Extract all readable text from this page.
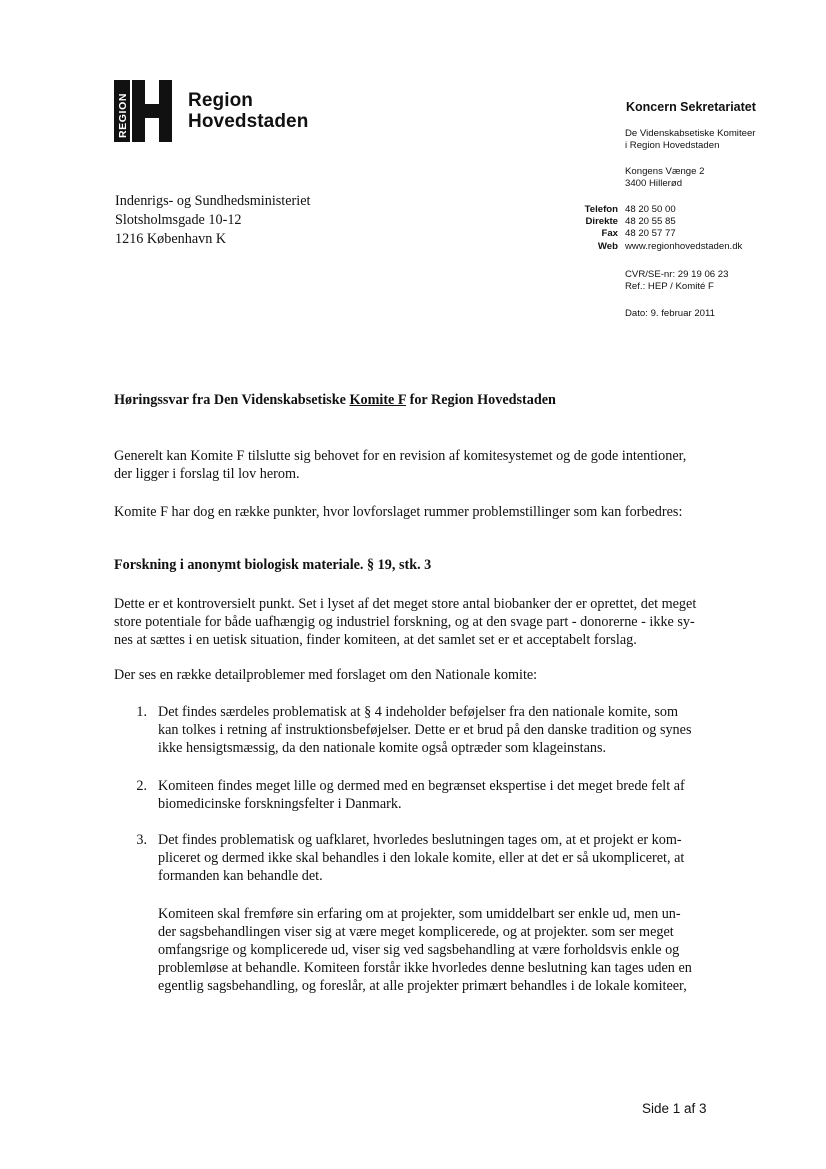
REGION	Region
Hovedstaden
Koncern Sekretariatet
De Videnskabsetiske Komiteer
i Region Hovedstaden
Kongens Vænge 2
3400 Hillerød
Telefon 48 20 50 00
Direkte 48 20 55 85
Fax 48 20 57 77
Web www.regionhovedstaden.dk
CVR/SE-nr: 29 19 06 23
Ref.: HEP / Komité F
Dato: 9. februar 2011
Indenrigs- og Sundhedsministeriet
Slotsholmsgade 10-12
1216 København K
Høringssvar fra Den Videnskabsetiske Komite F for Region Hovedstaden
Generelt kan Komite F tilslutte sig behovet for en revision af komitesystemet og de gode intentioner,
der ligger i forslag til lov herom.
Komite F har dog en række punkter, hvor lovforslaget rummer problemstillinger som kan forbedres:
Forskning i anonymt biologisk materiale. § 19, stk. 3
Dette er et kontroversielt punkt. Set i lyset af det meget store antal biobanker der er oprettet, det meget
store potentiale for både uafhængig og industriel forskning, og at den svage part - donorerne - ikke sy-
nes at sættes i en uetisk situation, finder komiteen, at det samlet set er et acceptabelt forslag.
Der ses en række detailproblemer med forslaget om den Nationale komite:
1. Det findes særdeles problematisk at § 4 indeholder beføjelser fra den nationale komite, som
kan tolkes i retning af instruktionsbeføjelser. Dette er et brud på den danske tradition og synes
ikke hensigtsmæssig, da den nationale komite også optræder som klageinstans.
2. Komiteen findes meget lille og dermed med en begrænset ekspertise i det meget brede felt af
biomedicinske forskningsfelter i Danmark.
3. Det findes problematisk og uafklaret, hvorledes beslutningen tages om, at et projekt er kom-
pliceret og dermed ikke skal behandles i den lokale komite, eller at det er så ukompliceret, at
formanden kan behandle det.
Komiteen skal fremføre sin erfaring om at projekter, som umiddelbart ser enkle ud, men un-
der sagsbehandlingen viser sig at være meget komplicerede, og at projekter. som ser meget
omfangsrige og komplicerede ud, viser sig ved sagsbehandling at være forholdsvis enkle og
problemløse at behandle. Komiteen forstår ikke hvorledes denne beslutning kan tages uden en
egentlig sagsbehandling, og foreslår, at alle projekter primært behandles i de lokale komiteer,
Side 1 af 3
